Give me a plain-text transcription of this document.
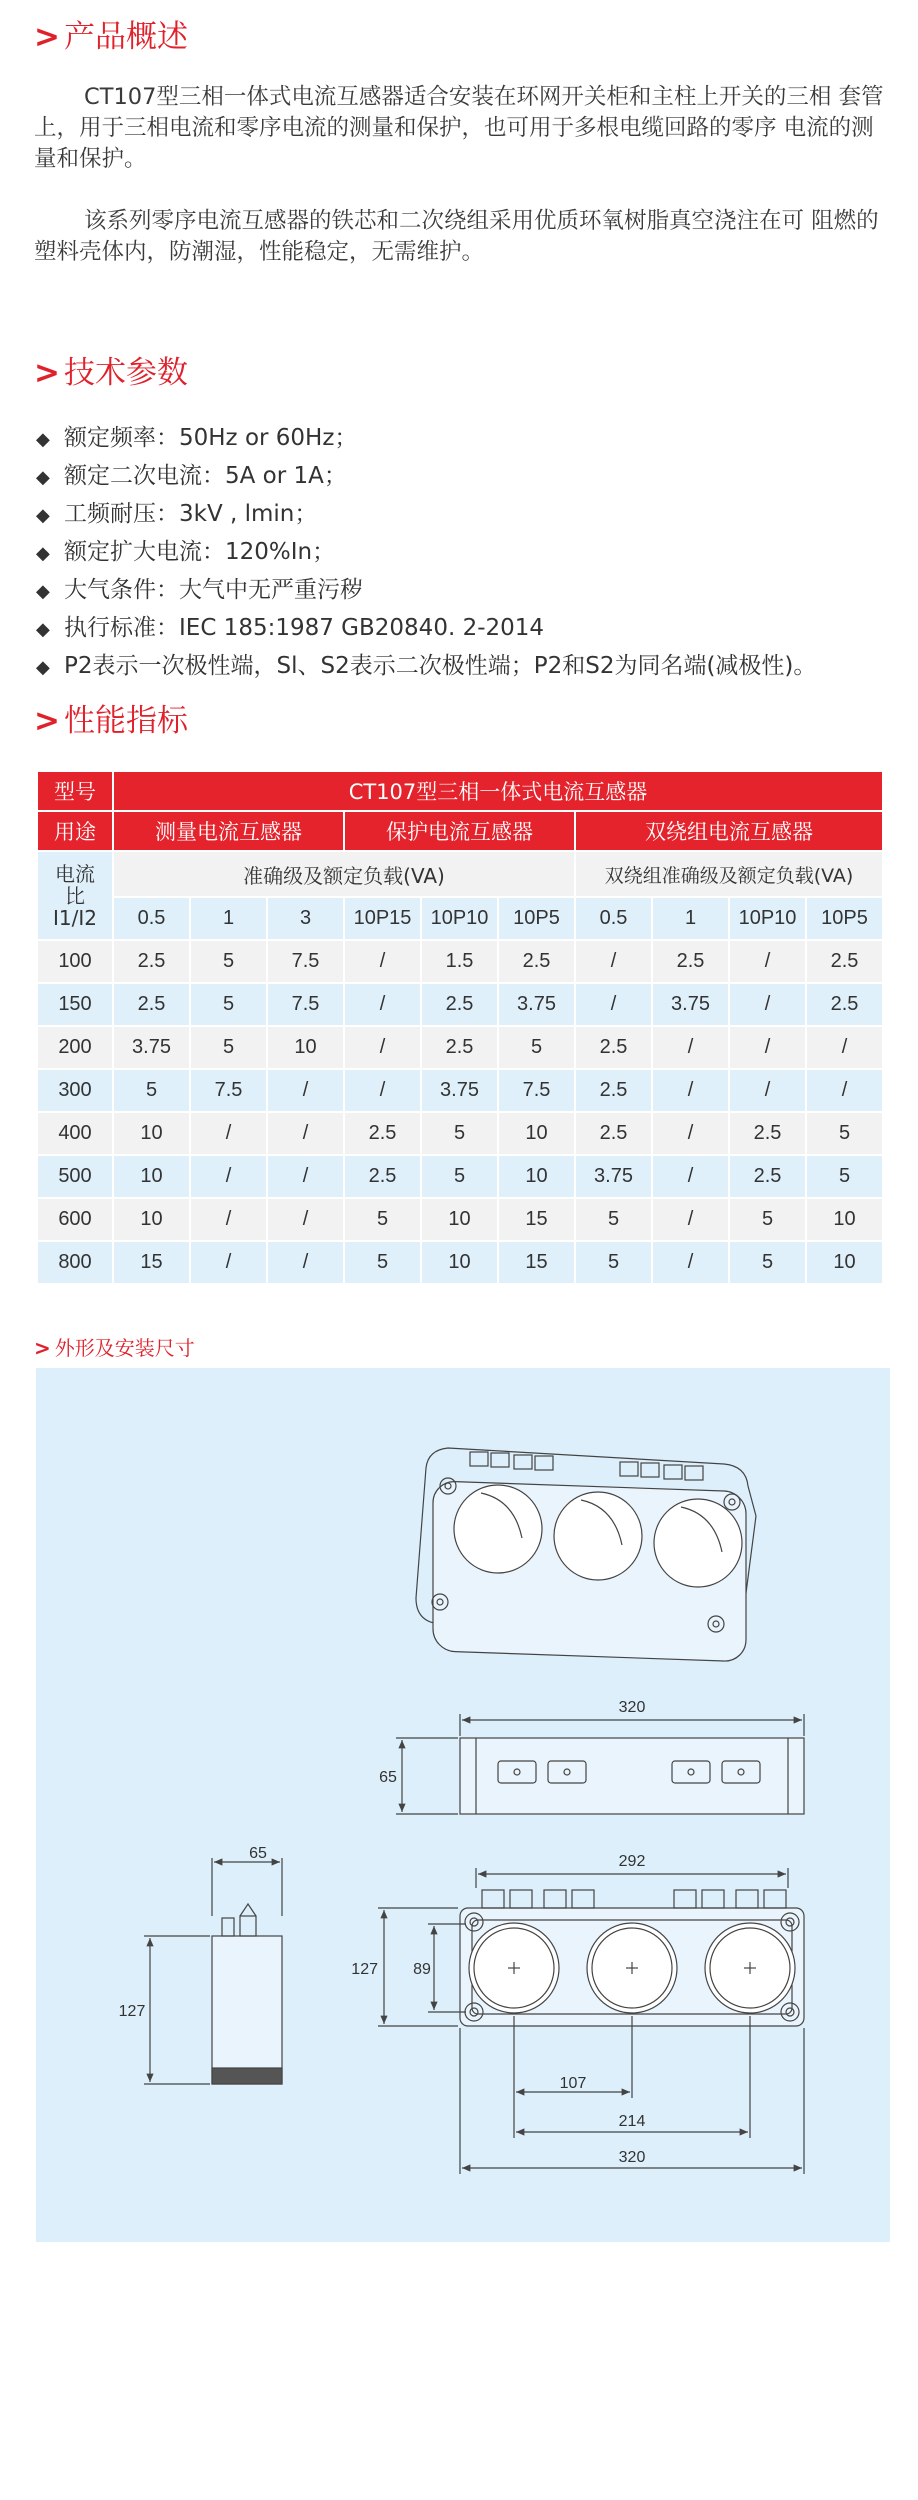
> 产品概述

CT107型三相一体式电流互感器适合安装在环网开关柜和主柱上开关的三相 套管上，用于三相电流和零序电流的测量和保护，也可用于多根电缆回路的零序 电流的测量和保护。

该系列零序电流互感器的铁芯和二次绕组采用优质环氧树脂真空浇注在可 阻燃的塑料壳体内，防潮湿，性能稳定，无需维护。

> 技术参数
◆ 额定频率：50Hz or 60Hz；
◆ 额定二次电流：5A or 1A；
◆ 工频耐压：3kV , lmin；
◆ 额定扩大电流：120%In；
◆ 大气条件：大气中无严重污秽
◆ 执行标准：IEC 185:1987 GB20840. 2-2014
◆ P2表示一次极性端，Sl、S2表示二次极性端；P2和S2为同名端(减极性)。
> 性能指标
型号	CT107型三相一体式电流互感器									
用途	测量电流互感器			保护电流互感器			双绕组电流互感器			
电流
比
I1/I2	准确级及额定负载(VA)						双绕组准确级及额定负载(VA)			
	0.5	1	3	10P15	10P10	10P5	0.5	1	10P10	10P5
100	2.5	5	7.5	/	1.5	2.5	/	2.5	/	2.5
150	2.5	5	7.5	/	2.5	3.75	/	3.75	/	2.5
200	3.75	5	10	/	2.5	5	2.5	/	/	/
300	5	7.5	/	/	3.75	7.5	2.5	/	/	/
400	10	/	/	2.5	5	10	2.5	/	2.5	5
500	10	/	/	2.5	5	10	3.75	/	2.5	5
600	10	/	/	5	10	15	5	/	5	10
800	15	/	/	5	10	15	5	/	5	10
> 外形及安装尺寸
320
65
65
127
292
127 89
107
214
320
